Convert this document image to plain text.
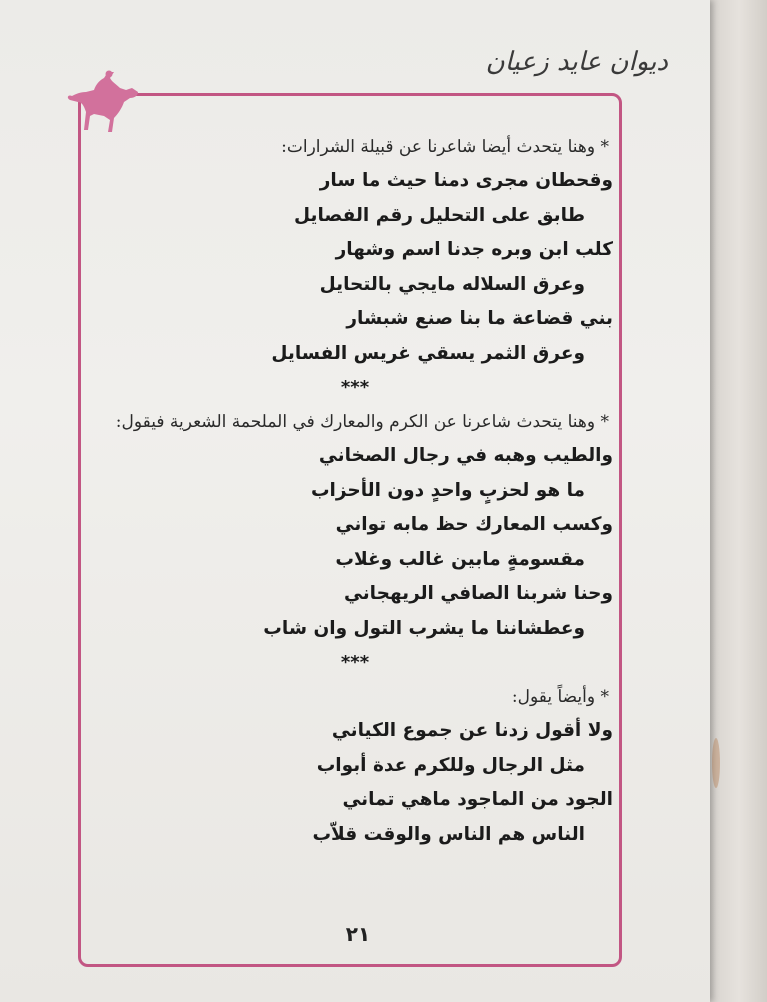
ديوان عايد زعيان
* وهنا يتحدث أيضا شاعرنا عن قبيلة الشرارات:
وقحطان مجرى دمنا حيث ما سار
طابق على التحليل رقم الفصايل
كلب ابن وبره جدنا اسم وشهار
وعرق السلاله مايجي بالتحايل
بني قضاعة ما بنا صنع شبشار
وعرق الثمر يسقي غريس الفسايل
***
* وهنا يتحدث شاعرنا عن الكرم والمعارك في الملحمة الشعرية فيقول:
والطيب وهبه في رجال الصخاني
ما هو لحزبٍ واحدٍ دون الأحزاب
وكسب المعارك حظ مابه تواني
مقسومةٍ مابين غالب وغلاب
وحنا شربنا الصافي الريهجاني
وعطشاننا ما يشرب التول وان شاب
***
* وأيضاً يقول:
ولا أقول زدنا عن جموع الكياني
مثل الرجال وللكرم عدة أبواب
الجود من الماجود ماهي تماني
الناس هم الناس والوقت قلاّب
٢١
